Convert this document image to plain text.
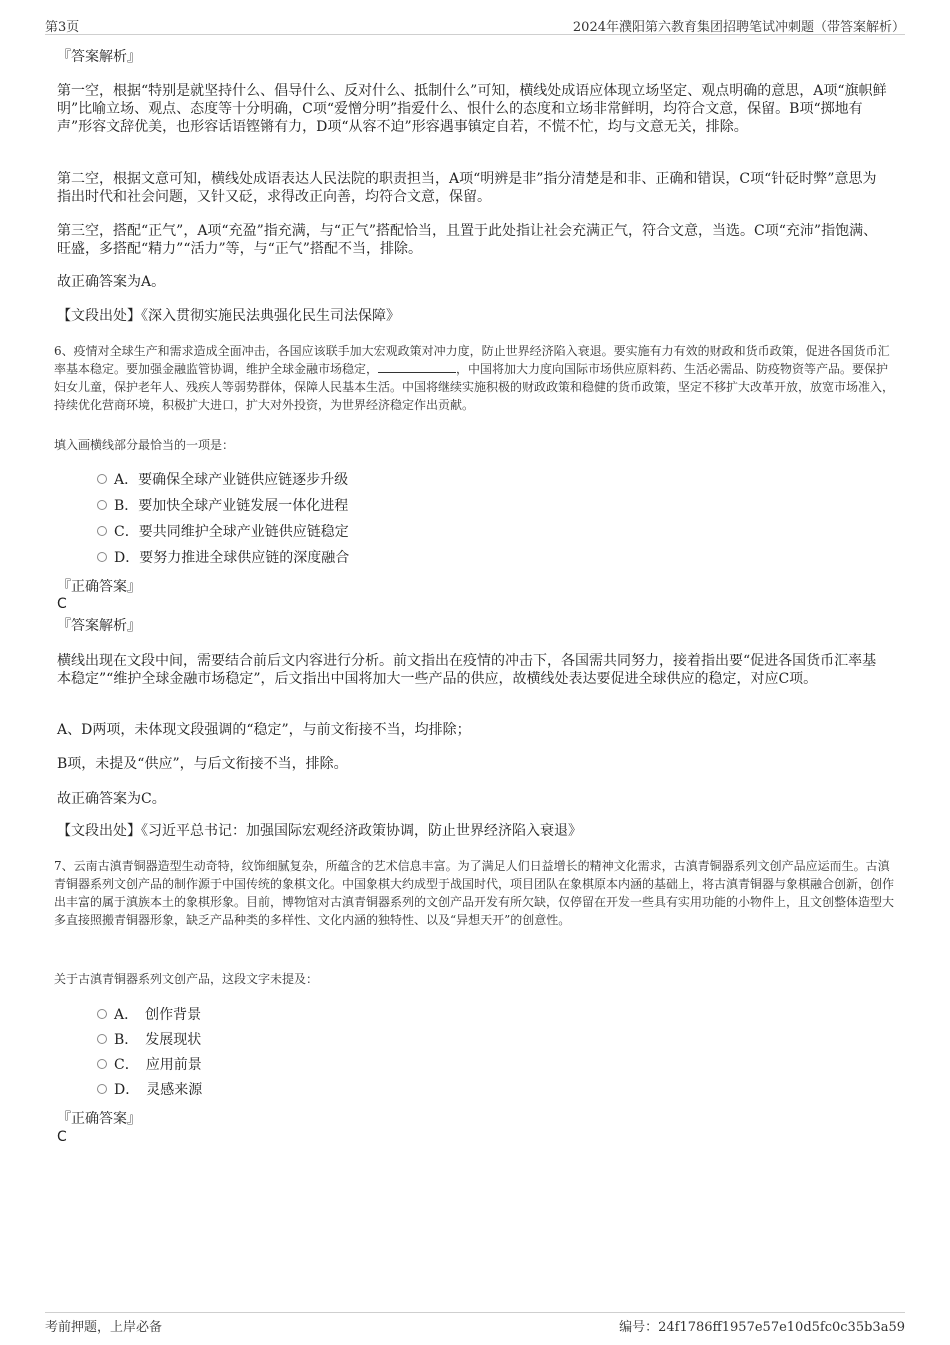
第3页	2024年濮阳第六教育集团招聘笔试冲刺题（带答案解析）
『答案解析』
第一空，根据“特别是就坚持什么、倡导什么、反对什么、抵制什么”可知，横线处成语应体现立场坚定、观点明确的意思，A项“旗帜鲜明”比喻立场、观点、态度等十分明确，C项“爱憎分明”指爱什么、恨什么的态度和立场非常鲜明，均符合文意，保留。B项“掷地有声”形容文辞优美，也形容话语铿锵有力，D项“从容不迫”形容遇事镇定自若，不慌不忙，均与文意无关，排除。
第二空，根据文意可知，横线处成语表达人民法院的职责担当，A项“明辨是非”指分清楚是和非、正确和错误，C项“针砭时弊”意思为指出时代和社会问题，又针又砭，求得改正向善，均符合文意，保留。
第三空，搭配“正气”，A项“充盈”指充满，与“正气”搭配恰当，且置于此处指让社会充满正气，符合文意，当选。C项“充沛”指饱满、旺盛，多搭配“精力”“活力”等，与“正气”搭配不当，排除。
故正确答案为A。
【文段出处】《深入贯彻实施民法典强化民生司法保障》
6、疫情对全球生产和需求造成全面冲击，各国应该联手加大宏观政策对冲力度，防止世界经济陷入衰退。要实施有力有效的财政和货币政策，促进各国货币汇率基本稳定。要加强金融监管协调，维护全球金融市场稳定，	，中国将加大力度向国际市场供应原料药、生活必需品、防疫物资等产品。要保护妇女儿童，保护老年人、残疾人等弱势群体，保障人民基本生活。中国将继续实施积极的财政政策和稳健的货币政策，坚定不移扩大改革开放，放宽市场准入，持续优化营商环境，积极扩大进口，扩大对外投资，为世界经济稳定作出贡献。
填入画横线部分最恰当的一项是：
A．要确保全球产业链供应链逐步升级
B．要加快全球产业链发展一体化进程
C．要共同维护全球产业链供应链稳定
D．要努力推进全球供应链的深度融合
『正确答案』
C
『答案解析』
横线出现在文段中间，需要结合前后文内容进行分析。前文指出在疫情的冲击下，各国需共同努力，接着指出要“促进各国货币汇率基本稳定”“维护全球金融市场稳定”，后文指出中国将加大一些产品的供应，故横线处表达要促进全球供应的稳定，对应C项。
A、D两项，未体现文段强调的“稳定”，与前文衔接不当，均排除；
B项，未提及“供应”，与后文衔接不当，排除。
故正确答案为C。
【文段出处】《习近平总书记：加强国际宏观经济政策协调，防止世界经济陷入衰退》
7、云南古滇青铜器造型生动奇特，纹饰细腻复杂，所蕴含的艺术信息丰富。为了满足人们日益增长的精神文化需求，古滇青铜器系列文创产品应运而生。古滇青铜器系列文创产品的制作源于中国传统的象棋文化。中国象棋大约成型于战国时代，项目团队在象棋原本内涵的基础上，将古滇青铜器与象棋融合创新，创作出丰富的属于滇族本土的象棋形象。目前，博物馆对古滇青铜器系列的文创产品开发有所欠缺，仅停留在开发一些具有实用功能的小物件上，且文创整体造型大多直接照搬青铜器形象，缺乏产品种类的多样性、文化内涵的独特性、以及“异想天开”的创意性。
关于古滇青铜器系列文创产品，这段文字未提及：
A．　创作背景
B．　发展现状
C．　应用前景
D．　灵感来源
『正确答案』
C
考前押题，上岸必备	编号：24f1786ff1957e57e10d5fc0c35b3a59
